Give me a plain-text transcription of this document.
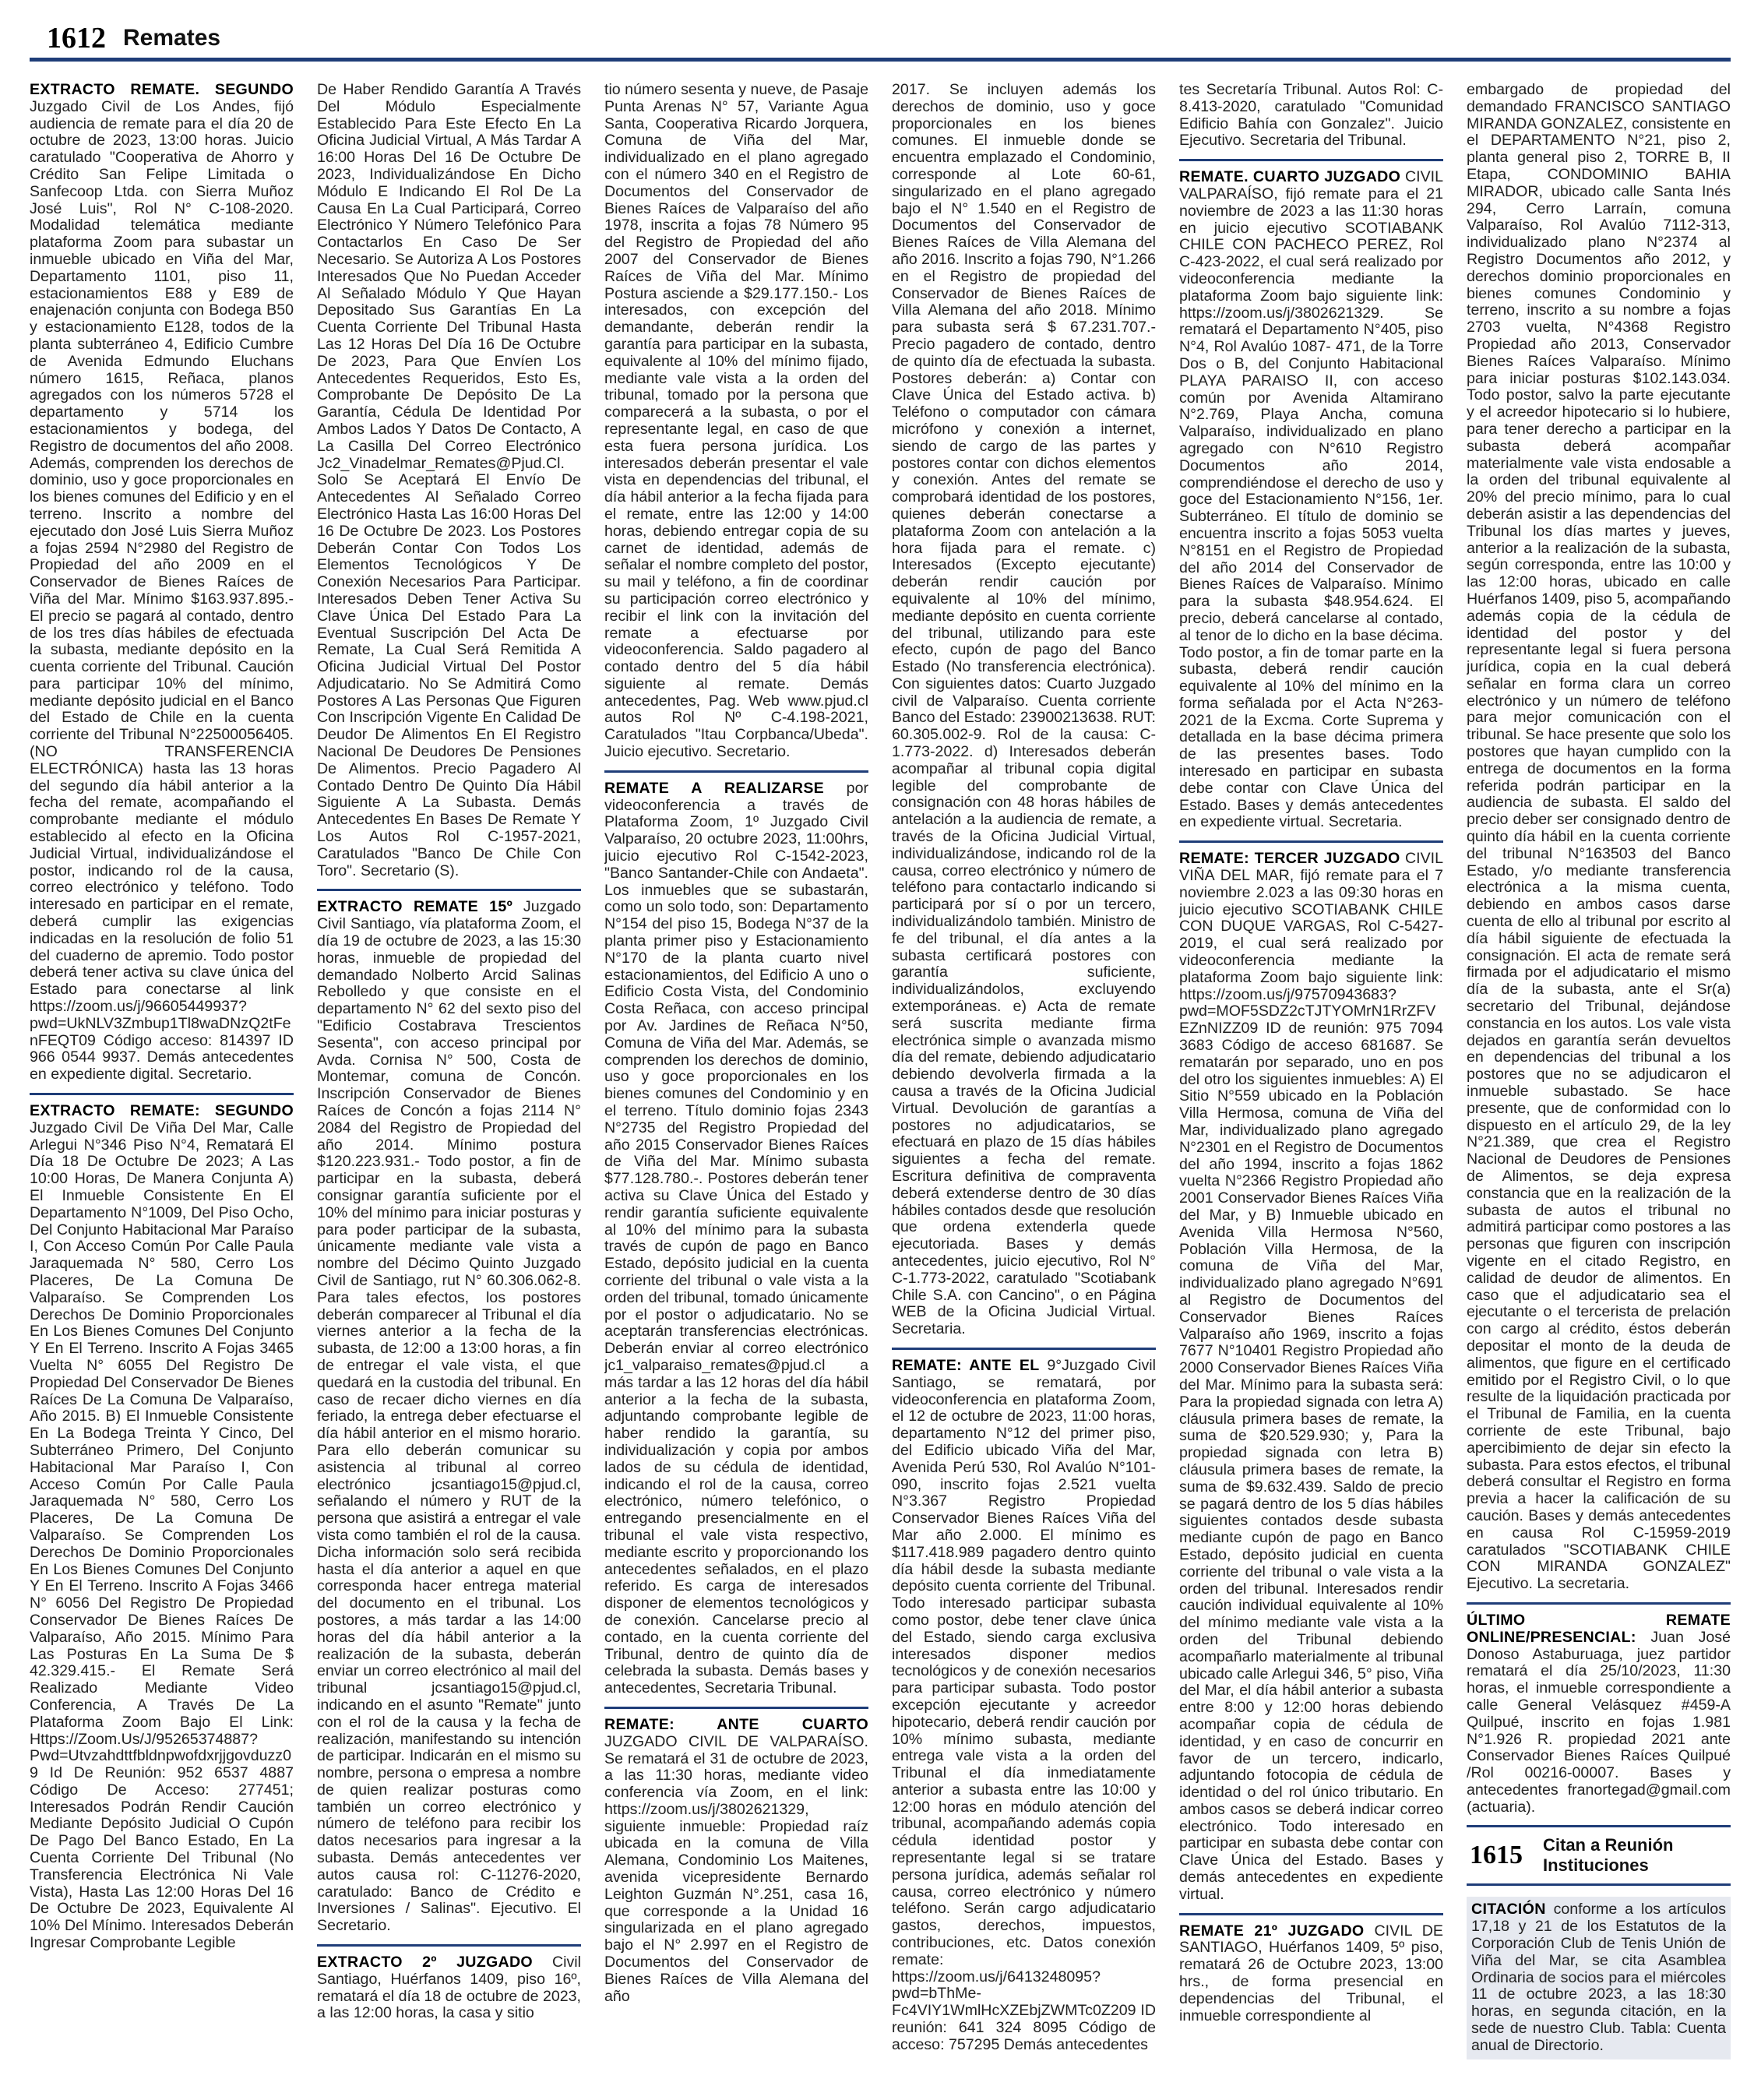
1612 Remates
EXTRACTO REMATE. SEGUNDO Juzgado Civil de Los Andes, fijó audiencia de remate para el día 20 de octubre de 2023, 13:00 horas. Juicio caratulado "Cooperativa de Ahorro y Crédito San Felipe Limitada o Sanfecoop Ltda. con Sierra Muñoz José Luis", Rol N° C-108-2020. Modalidad telemática mediante plataforma Zoom para subastar un inmueble ubicado en Viña del Mar, Departamento 1101, piso 11, estacionamientos E88 y E89 de enajenación conjunta con Bodega B50 y estacionamiento E128, todos de la planta subterráneo 4, Edificio Cumbre de Avenida Edmundo Eluchans número 1615, Reñaca, planos agregados con los números 5728 el departamento y 5714 los estacionamientos y bodega, del Registro de documentos del año 2008. Además, comprenden los derechos de dominio, uso y goce proporcionales en los bienes comunes del Edificio y en el terreno. Inscrito a nombre del ejecutado don José Luis Sierra Muñoz a fojas 2594 N°2980 del Registro de Propiedad del año 2009 en el Conservador de Bienes Raíces de Viña del Mar. Mínimo $163.937.895.- El precio se pagará al contado, dentro de los tres días hábiles de efectuada la subasta, mediante depósito en la cuenta corriente del Tribunal. Caución para participar 10% del mínimo, mediante depósito judicial en el Banco del Estado de Chile en la cuenta corriente del Tribunal N°22500056405. (NO TRANSFERENCIA ELECTRÓNICA) hasta las 13 horas del segundo día hábil anterior a la fecha del remate, acompañando el comprobante mediante el módulo establecido al efecto en la Oficina Judicial Virtual, individualizándose el postor, indicando rol de la causa, correo electrónico y teléfono. Todo interesado en participar en el remate, deberá cumplir las exigencias indicadas en la resolución de folio 51 del cuaderno de apremio. Todo postor deberá tener activa su clave única del Estado para conectarse al link https://zoom.us/j/96605449937?pwd=UkNLV3Zmbup1Tl8waDNzQ2tFenFEQT09 Código acceso: 814397 ID 966 0544 9937. Demás antecedentes en expediente digital. Secretario.
EXTRACTO REMATE: SEGUNDO Juzgado Civil De Viña Del Mar, Calle Arlegui N°346 Piso N°4, Rematará El Día 18 De Octubre De 2023; A Las 10:00 Horas, De Manera Conjunta A) El Inmueble Consistente En El Departamento N°1009, Del Piso Ocho, Del Conjunto Habitacional Mar Paraíso I, Con Acceso Común Por Calle Paula Jaraquemada N° 580, Cerro Los Placeres, De La Comuna De Valparaíso. Se Comprenden Los Derechos De Dominio Proporcionales En Los Bienes Comunes Del Conjunto Y En El Terreno. Inscrito A Fojas 3465 Vuelta N° 6055 Del Registro De Propiedad Del Conservador De Bienes Raíces De La Comuna De Valparaíso, Año 2015. B) El Inmueble Consistente En La Bodega Treinta Y Cinco, Del Subterráneo Primero, Del Conjunto Habitacional Mar Paraíso I, Con Acceso Común Por Calle Paula Jaraquemada N° 580, Cerro Los Placeres, De La Comuna De Valparaíso. Se Comprenden Los Derechos De Dominio Proporcionales En Los Bienes Comunes Del Conjunto Y En El Terreno. Inscrito A Fojas 3466 N° 6056 Del Registro De Propiedad Conservador De Bienes Raíces De Valparaíso, Año 2015. Mínimo Para Las Posturas En La Suma De $ 42.329.415.- El Remate Será Realizado Mediante Video Conferencia, A Través De La Plataforma Zoom Bajo El Link: Https://Zoom.Us/J/95265374887?Pwd=Utvzahdttfbldnpwofdxrjjgovduzz09 Id De Reunión: 952 6537 4887 Código De Acceso: 277451; Interesados Podrán Rendir Caución Mediante Depósito Judicial O Cupón De Pago Del Banco Estado, En La Cuenta Corriente Del Tribunal (No Transferencia Electrónica Ni Vale Vista), Hasta Las 12:00 Horas Del 16 De Octubre De 2023, Equivalente Al 10% Del Mínimo. Interesados Deberán Ingresar Comprobante Legible
De Haber Rendido Garantía A Través Del Módulo Especialmente Establecido Para Este Efecto En La Oficina Judicial Virtual, A Más Tardar A 16:00 Horas Del 16 De Octubre De 2023, Individualizándose En Dicho Módulo E Indicando El Rol De La Causa En La Cual Participará, Correo Electrónico Y Número Telefónico Para Contactarlos En Caso De Ser Necesario. Se Autoriza A Los Postores Interesados Que No Puedan Acceder Al Señalado Módulo Y Que Hayan Depositado Sus Garantías En La Cuenta Corriente Del Tribunal Hasta Las 12 Horas Del Día 16 De Octubre De 2023, Para Que Envíen Los Antecedentes Requeridos, Esto Es, Comprobante De Depósito De La Garantía, Cédula De Identidad Por Ambos Lados Y Datos De Contacto, A La Casilla Del Correo Electrónico Jc2_Vinadelmar_Remates@Pjud.Cl. Solo Se Aceptará El Envío De Antecedentes Al Señalado Correo Electrónico Hasta Las 16:00 Horas Del 16 De Octubre De 2023. Los Postores Deberán Contar Con Todos Los Elementos Tecnológicos Y De Conexión Necesarios Para Participar. Interesados Deben Tener Activa Su Clave Única Del Estado Para La Eventual Suscripción Del Acta De Remate, La Cual Será Remitida A Oficina Judicial Virtual Del Postor Adjudicatario. No Se Admitirá Como Postores A Las Personas Que Figuren Con Inscripción Vigente En Calidad De Deudor De Alimentos En El Registro Nacional De Deudores De Pensiones De Alimentos. Precio Pagadero Al Contado Dentro De Quinto Día Hábil Siguiente A La Subasta. Demás Antecedentes En Bases De Remate Y Los Autos Rol C-1957-2021, Caratulados "Banco De Chile Con Toro". Secretario (S).
EXTRACTO REMATE 15º Juzgado Civil Santiago, vía plataforma Zoom, el día 19 de octubre de 2023, a las 15:30 horas, inmueble de propiedad del demandado Nolberto Arcid Salinas Rebolledo y que consiste en el departamento N° 62 del sexto piso del "Edificio Costabrava Trescientos Sesenta", con acceso principal por Avda. Cornisa N° 500, Costa de Montemar, comuna de Concón. Inscripción Conservador de Bienes Raíces de Concón a fojas 2114 N° 2084 del Registro de Propiedad del año 2014. Mínimo postura $120.223.931.- Todo postor, a fin de participar en la subasta, deberá consignar garantía suficiente por el 10% del mínimo para iniciar posturas y para poder participar de la subasta, únicamente mediante vale vista a nombre del Décimo Quinto Juzgado Civil de Santiago, rut N° 60.306.062-8. Para tales efectos, los postores deberán comparecer al Tribunal el día viernes anterior a la fecha de la subasta, de 12:00 a 13:00 horas, a fin de entregar el vale vista, el que quedará en la custodia del tribunal. En caso de recaer dicho viernes en día feriado, la entrega deber efectuarse el día hábil anterior en el mismo horario. Para ello deberán comunicar su asistencia al tribunal al correo electrónico jcsantiago15@pjud.cl, señalando el número y RUT de la persona que asistirá a entregar el vale vista como también el rol de la causa. Dicha información solo será recibida hasta el día anterior a aquel en que corresponda hacer entrega material del documento en el tribunal. Los postores, a más tardar a las 14:00 horas del día hábil anterior a la realización de la subasta, deberán enviar un correo electrónico al mail del tribunal jcsantiago15@pjud.cl, indicando en el asunto "Remate" junto con el rol de la causa y la fecha de realización, manifestando su intención de participar. Indicarán en el mismo su nombre, persona o empresa a nombre de quien realizar posturas como también un correo electrónico y número de teléfono para recibir los datos necesarios para ingresar a la subasta. Demás antecedentes ver autos causa rol: C-11276-2020, caratulado: Banco de Crédito e Inversiones / Salinas". Ejecutivo. El Secretario.
EXTRACTO 2º JUZGADO Civil Santiago, Huérfanos 1409, piso 16º, rematará el día 18 de octubre de 2023, a las 12:00 horas, la casa y sitio
tio número sesenta y nueve, de Pasaje Punta Arenas N° 57, Variante Agua Santa, Cooperativa Ricardo Jorquera, Comuna de Viña del Mar, individualizado en el plano agregado con el número 340 en el Registro de Documentos del Conservador de Bienes Raíces de Valparaíso del año 1978, inscrita a fojas 78 Número 95 del Registro de Propiedad del año 2007 del Conservador de Bienes Raíces de Viña del Mar. Mínimo Postura asciende a $29.177.150.- Los interesados, con excepción del demandante, deberán rendir la garantía para participar en la subasta, equivalente al 10% del mínimo fijado, mediante vale vista a la orden del tribunal, tomado por la persona que comparecerá a la subasta, o por el representante legal, en caso de que esta fuera persona jurídica. Los interesados deberán presentar el vale vista en dependencias del tribunal, el día hábil anterior a la fecha fijada para el remate, entre las 12:00 y 14:00 horas, debiendo entregar copia de su carnet de identidad, además de señalar el nombre completo del postor, su mail y teléfono, a fin de coordinar su participación correo electrónico y recibir el link con la invitación del remate a efectuarse por videoconferencia. Saldo pagadero al contado dentro del 5 día hábil siguiente al remate. Demás antecedentes, Pag. Web www.pjud.cl autos Rol Nº C-4.198-2021, Caratulados "Itau Corpbanca/Ubeda". Juicio ejecutivo. Secretario.
REMATE A REALIZARSE por videoconferencia a través de Plataforma Zoom, 1º Juzgado Civil Valparaíso, 20 octubre 2023, 11:00hrs, juicio ejecutivo Rol C-1542-2023, "Banco Santander-Chile con Andaeta". Los inmuebles que se subastarán, como un solo todo, son: Departamento N°154 del piso 15, Bodega N°37 de la planta primer piso y Estacionamiento N°170 de la planta cuarto nivel estacionamientos, del Edificio A uno o Edificio Costa Vista, del Condominio Costa Reñaca, con acceso principal por Av. Jardines de Reñaca N°50, Comuna de Viña del Mar. Además, se comprenden los derechos de dominio, uso y goce proporcionales en los bienes comunes del Condominio y en el terreno. Título dominio fojas 2343 N°2735 del Registro Propiedad del año 2015 Conservador Bienes Raíces de Viña del Mar. Mínimo subasta $77.128.780.-. Postores deberán tener activa su Clave Única del Estado y rendir garantía suficiente equivalente al 10% del mínimo para la subasta través de cupón de pago en Banco Estado, depósito judicial en la cuenta corriente del tribunal o vale vista a la orden del tribunal, tomado únicamente por el postor o adjudicatario. No se aceptarán transferencias electrónicas. Deberán enviar al correo electrónico jc1_valparaiso_remates@pjud.cl a más tardar a las 12 horas del día hábil anterior a la fecha de la subasta, adjuntando comprobante legible de haber rendido la garantía, su individualización y copia por ambos lados de su cédula de identidad, indicando el rol de la causa, correo electrónico, número telefónico, o entregando presencialmente en el tribunal el vale vista respectivo, mediante escrito y proporcionando los antecedentes señalados, en el plazo referido. Es carga de interesados disponer de elementos tecnológicos y de conexión. Cancelarse precio al contado, en la cuenta corriente del Tribunal, dentro de quinto día de celebrada la subasta. Demás bases y antecedentes, Secretaria Tribunal.
REMATE: ANTE CUARTO JUZGADO CIVIL DE VALPARAÍSO. Se rematará el 31 de octubre de 2023, a las 11:30 horas, mediante video conferencia vía Zoom, en el link: https://zoom.us/j/3802621329, siguiente inmueble: Propiedad raíz ubicada en la comuna de Villa Alemana, Condominio Los Maitenes, avenida vicepresidente Bernardo Leighton Guzmán N°.251, casa 16, que corresponde a la Unidad 16 singularizada en el plano agregado bajo el N° 2.997 en el Registro de Documentos del Conservador de Bienes Raíces de Villa Alemana del año
2017. Se incluyen además los derechos de dominio, uso y goce proporcionales en los bienes comunes. El inmueble donde se encuentra emplazado el Condominio, corresponde al Lote 60-61, singularizado en el plano agregado bajo el N° 1.540 en el Registro de Documentos del Conservador de Bienes Raíces de Villa Alemana del año 2016. Inscrito a fojas 790, N°1.266 en el Registro de propiedad del Conservador de Bienes Raíces de Villa Alemana del año 2018. Mínimo para subasta será $ 67.231.707.- Precio pagadero de contado, dentro de quinto día de efectuada la subasta. Postores deberán: a) Contar con Clave Única del Estado activa. b) Teléfono o computador con cámara micrófono y conexión a internet, siendo de cargo de las partes y postores contar con dichos elementos y conexión. Antes del remate se comprobará identidad de los postores, quienes deberán conectarse a plataforma Zoom con antelación a la hora fijada para el remate. c) Interesados (Excepto ejecutante) deberán rendir caución por equivalente al 10% del mínimo, mediante depósito en cuenta corriente del tribunal, utilizando para este efecto, cupón de pago del Banco Estado (No transferencia electrónica). Con siguientes datos: Cuarto Juzgado civil de Valparaíso. Cuenta corriente Banco del Estado: 23900213638. RUT: 60.305.002-9. Rol de la causa: C-1.773-2022. d) Interesados deberán acompañar al tribunal copia digital legible del comprobante de consignación con 48 horas hábiles de antelación a la audiencia de remate, a través de la Oficina Judicial Virtual, individualizándose, indicando rol de la causa, correo electrónico y número de teléfono para contactarlo indicando si participará por sí o por un tercero, individualizándolo también. Ministro de fe del tribunal, el día antes a la subasta certificará postores con garantía suficiente, individualizándolos, excluyendo extemporáneas. e) Acta de remate será suscrita mediante firma electrónica simple o avanzada mismo día del remate, debiendo adjudicatario debiendo devolverla firmada a la causa a través de la Oficina Judicial Virtual. Devolución de garantías a postores no adjudicatarios, se efectuará en plazo de 15 días hábiles siguientes a fecha del remate. Escritura definitiva de compraventa deberá extenderse dentro de 30 días hábiles contados desde que resolución que ordena extenderla quede ejecutoriada. Bases y demás antecedentes, juicio ejecutivo, Rol N° C-1.773-2022, caratulado "Scotiabank Chile S.A. con Cancino", o en Página WEB de la Oficina Judicial Virtual. Secretaria.
REMATE: ANTE EL 9°Juzgado Civil Santiago, se rematará, por videoconferencia en plataforma Zoom, el 12 de octubre de 2023, 11:00 horas, departamento N°12 del primer piso, del Edificio ubicado Viña del Mar, Avenida Perú 530, Rol Avalúo N°101-090, inscrito fojas 2.521 vuelta N°3.367 Registro Propiedad Conservador Bienes Raíces Viña del Mar año 2.000. El mínimo es $117.418.989 pagadero dentro quinto día hábil desde la subasta mediante depósito cuenta corriente del Tribunal. Todo interesado participar subasta como postor, debe tener clave única del Estado, siendo carga exclusiva interesados disponer medios tecnológicos y de conexión necesarios para participar subasta. Todo postor excepción ejecutante y acreedor hipotecario, deberá rendir caución por 10% mínimo subasta, mediante entrega vale vista a la orden del Tribunal el día inmediatamente anterior a subasta entre las 10:00 y 12:00 horas en módulo atención del tribunal, acompañando además copia cédula identidad postor y representante legal si se tratare persona jurídica, además señalar rol causa, correo electrónico y número teléfono. Serán cargo adjudicatario gastos, derechos, impuestos, contribuciones, etc. Datos conexión remate: https://zoom.us/j/6413248095?pwd=bThMe-Fc4VIY1WmlHcXZEbjZWMTc0Z209 ID reunión: 641 324 8095 Código de acceso: 757295 Demás antecedentes
tes Secretaría Tribunal. Autos Rol: C-8.413-2020, caratulado "Comunidad Edificio Bahía con Gonzalez". Juicio Ejecutivo. Secretaria del Tribunal.
REMATE. CUARTO JUZGADO CIVIL VALPARAÍSO, fijó remate para el 21 noviembre de 2023 a las 11:30 horas en juicio ejecutivo SCOTIABANK CHILE CON PACHECO PEREZ, Rol C-423-2022, el cual será realizado por videoconferencia mediante la plataforma Zoom bajo siguiente link: https://zoom.us/j/3802621329. Se rematará el Departamento N°405, piso N°4, Rol Avalúo 1087- 471, de la Torre Dos o B, del Conjunto Habitacional PLAYA PARAISO II, con acceso común por Avenida Altamirano N°2.769, Playa Ancha, comuna Valparaíso, individualizado en plano agregado con N°610 Registro Documentos año 2014, comprendiéndose el derecho de uso y goce del Estacionamiento N°156, 1er. Subterráneo. El título de dominio se encuentra inscrito a fojas 5053 vuelta N°8151 en el Registro de Propiedad del año 2014 del Conservador de Bienes Raíces de Valparaíso. Mínimo para la subasta $48.954.624. El precio, deberá cancelarse al contado, al tenor de lo dicho en la base décima. Todo postor, a fin de tomar parte en la subasta, deberá rendir caución equivalente al 10% del mínimo en la forma señalada por el Acta N°263- 2021 de la Excma. Corte Suprema y detallada en la base décima primera de las presentes bases. Todo interesado en participar en subasta debe contar con Clave Única del Estado. Bases y demás antecedentes en expediente virtual. Secretaria.
REMATE: TERCER JUZGADO CIVIL VIÑA DEL MAR, fijó remate para el 7 noviembre 2.023 a las 09:30 horas en juicio ejecutivo SCOTIABANK CHILE CON DUQUE VARGAS, Rol C-5427-2019, el cual será realizado por videoconferencia mediante la plataforma Zoom bajo siguiente link: https://zoom.us/j/97570943683?pwd=MOF5SDZ2cTJTYOMrN1RrZFVEZnNIZZ09 ID de reunión: 975 7094 3683 Código de acceso 681687. Se rematarán por separado, uno en pos del otro los siguientes inmuebles: A) El Sitio N°559 ubicado en la Población Villa Hermosa, comuna de Viña del Mar, individualizado plano agregado N°2301 en el Registro de Documentos del año 1994, inscrito a fojas 1862 vuelta N°2366 Registro Propiedad año 2001 Conservador Bienes Raíces Viña del Mar, y B) Inmueble ubicado en Avenida Villa Hermosa N°560, Población Villa Hermosa, de la comuna de Viña del Mar, individualizado plano agregado N°691 al Registro de Documentos del Conservador Bienes Raíces Valparaíso año 1969, inscrito a fojas 7677 N°10401 Registro Propiedad año 2000 Conservador Bienes Raíces Viña del Mar. Mínimo para la subasta será: Para la propiedad signada con letra A) cláusula primera bases de remate, la suma de $20.529.930; y, Para la propiedad signada con letra B) cláusula primera bases de remate, la suma de $9.632.439. Saldo de precio se pagará dentro de los 5 días hábiles siguientes contados desde subasta mediante cupón de pago en Banco Estado, depósito judicial en cuenta corriente del tribunal o vale vista a la orden del tribunal. Interesados rendir caución individual equivalente al 10% del mínimo mediante vale vista a la orden del Tribunal debiendo acompañarlo materialmente al tribunal ubicado calle Arlegui 346, 5° piso, Viña del Mar, el día hábil anterior a subasta entre 8:00 y 12:00 horas debiendo acompañar copia de cédula de identidad, y en caso de concurrir en favor de un tercero, indicarlo, adjuntando fotocopia de cédula de identidad o del rol único tributario. En ambos casos se deberá indicar correo electrónico. Todo interesado en participar en subasta debe contar con Clave Única del Estado. Bases y demás antecedentes en expediente virtual.
REMATE 21º JUZGADO CIVIL DE SANTIAGO, Huérfanos 1409, 5º piso, rematará 26 de Octubre 2023, 13:00 hrs., de forma presencial en dependencias del Tribunal, el inmueble correspondiente al
embargado de propiedad del demandado FRANCISCO SANTIAGO MIRANDA GONZALEZ, consistente en el DEPARTAMENTO N°21, piso 2, planta general piso 2, TORRE B, II Etapa, CONDOMINIO BAHIA MIRADOR, ubicado calle Santa Inés 294, Cerro Larraín, comuna Valparaíso, Rol Avalúo 7112-313, individualizado plano N°2374 al Registro Documentos año 2012, y derechos dominio proporcionales en bienes comunes Condominio y terreno, inscrito a su nombre a fojas 2703 vuelta, N°4368 Registro Propiedad año 2013, Conservador Bienes Raíces Valparaíso. Mínimo para iniciar posturas $102.143.034. Todo postor, salvo la parte ejecutante y el acreedor hipotecario si lo hubiere, para tener derecho a participar en la subasta deberá acompañar materialmente vale vista endosable a la orden del tribunal equivalente al 20% del precio mínimo, para lo cual deberán asistir a las dependencias del Tribunal los días martes y jueves, anterior a la realización de la subasta, según corresponda, entre las 10:00 y las 12:00 horas, ubicado en calle Huérfanos 1409, piso 5, acompañando además copia de la cédula de identidad del postor y del representante legal si fuera persona jurídica, copia en la cual deberá señalar en forma clara un correo electrónico y un número de teléfono para mejor comunicación con el tribunal. Se hace presente que solo los postores que hayan cumplido con la entrega de documentos en la forma referida podrán participar en la audiencia de subasta. El saldo del precio deber ser consignado dentro de quinto día hábil en la cuenta corriente del tribunal N°163503 del Banco Estado, y/o mediante transferencia electrónica a la misma cuenta, debiendo en ambos casos darse cuenta de ello al tribunal por escrito al día hábil siguiente de efectuada la consignación. El acta de remate será firmada por el adjudicatario el mismo día de la subasta, ante el Sr(a) secretario del Tribunal, dejándose constancia en los autos. Los vale vista dejados en garantía serán devueltos en dependencias del tribunal a los postores que no se adjudicaron el inmueble subastado. Se hace presente, que de conformidad con lo dispuesto en el artículo 29, de la ley N°21.389, que crea el Registro Nacional de Deudores de Pensiones de Alimentos, se deja expresa constancia que en la realización de la subasta de autos el tribunal no admitirá participar como postores a las personas que figuren con inscripción vigente en el citado Registro, en calidad de deudor de alimentos. En caso que el adjudicatario sea el ejecutante o el tercerista de prelación con cargo al crédito, éstos deberán depositar el monto de la deuda de alimentos, que figure en el certificado emitido por el Registro Civil, o lo que resulte de la liquidación practicada por el Tribunal de Familia, en la cuenta corriente de este Tribunal, bajo apercibimiento de dejar sin efecto la subasta. Para estos efectos, el tribunal deberá consultar el Registro en forma previa a hacer la calificación de su caución. Bases y demás antecedentes en causa Rol C-15959-2019 caratulados "SCOTIABANK CHILE CON MIRANDA GONZALEZ" Ejecutivo. La secretaria.
ÚLTIMO REMATE ONLINE/PRESENCIAL: Juan José Donoso Astaburuaga, juez partidor rematará el día 25/10/2023, 11:30 horas, el inmueble correspondiente a calle General Velásquez #459-A Quilpué, inscrito en fojas 1.981 N°1.926 R. propiedad 2021 ante Conservador Bienes Raíces Quilpué /Rol 00216-00007. Bases y antecedentes franortegad@gmail.com (actuaria).
1615 Citan a Reunión
Instituciones
CITACIÓN conforme a los artículos 17,18 y 21 de los Estatutos de la Corporación Club de Tenis Unión de Viña del Mar, se cita Asamblea Ordinaria de socios para el miércoles 11 de octubre 2023, a las 18:30 horas, en segunda citación, en la sede de nuestro Club. Tabla: Cuenta anual de Directorio.
